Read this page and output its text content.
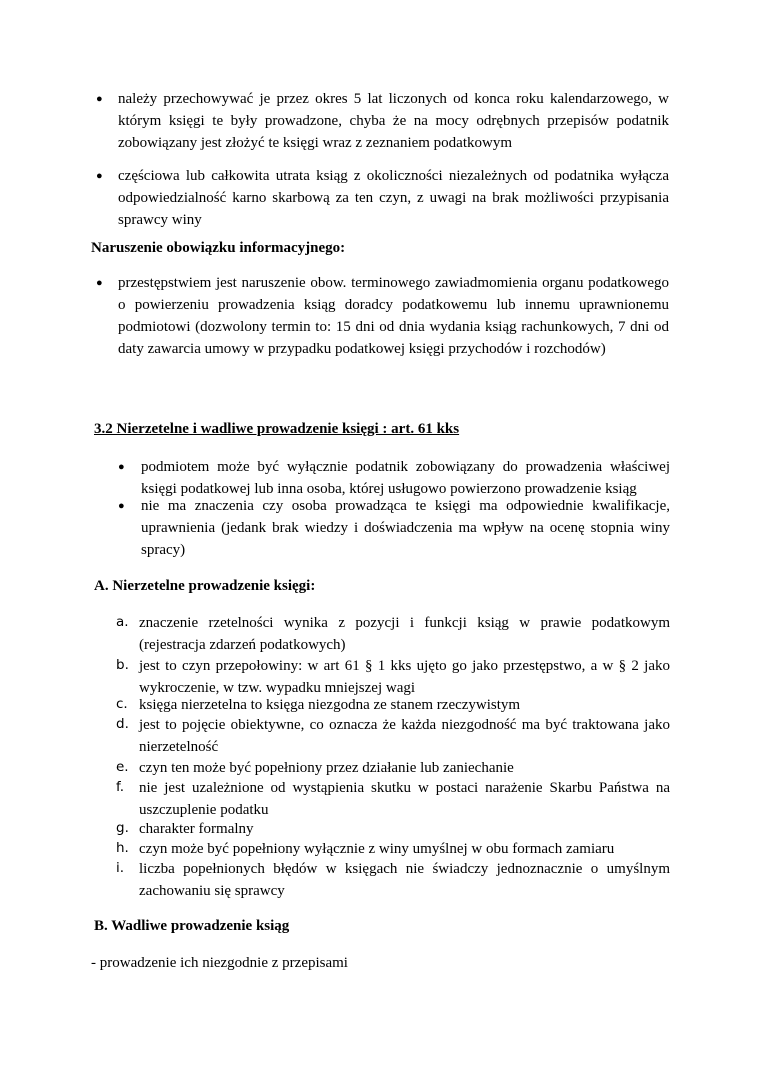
●
należy przechowywać je przez okres 5 lat liczonych od konca roku kalendarzowego, w którym księgi te były prowadzone, chyba że na mocy odrębnych przepisów podatnik zobowiązany jest złożyć te księgi wraz z zeznaniem podatkowym
●
częściowa lub całkowita utrata ksiąg z okoliczności niezależnych od podatnika wyłącza odpowiedzialność karno skarbową za ten czyn, z uwagi na brak możliwości przypisania sprawcy winy
Naruszenie obowiązku informacyjnego:
●
przestępstwiem jest naruszenie obow. terminowego zawiadmomienia organu podatkowego o powierzeniu prowadzenia ksiąg doradcy podatkowemu lub innemu uprawnionemu podmiotowi (dozwolony termin to: 15 dni od dnia wydania ksiąg rachunkowych, 7 dni od daty zawarcia umowy w przypadku podatkowej księgi przychodów i rozchodów)
3.2 Nierzetelne i wadliwe prowadzenie księgi : art. 61 kks
●
podmiotem może być wyłącznie podatnik zobowiązany do prowadzenia właściwej księgi podatkowej lub inna osoba, której usługowo powierzono prowadzenie ksiąg
●
nie ma znaczenia czy osoba prowadząca te księgi ma odpowiednie kwalifikacje, uprawnienia (jedank brak wiedzy i doświadczenia ma wpływ na ocenę stopnia winy spracy)
A. Nierzetelne prowadzenie księgi:
a. znaczenie rzetelności wynika z pozycji i funkcji ksiąg w prawie podatkowym (rejestracja zdarzeń podatkowych)
b. jest to czyn przepołowiny: w art 61 § 1 kks ujęto go jako przestępstwo, a w § 2 jako wykroczenie, w tzw. wypadku mniejszej wagi
c. księga nierzetelna to księga niezgodna ze stanem rzeczywistym
d. jest to pojęcie obiektywne, co oznacza że każda niezgodność ma być traktowana jako nierzetelność
e. czyn ten może być popełniony przez działanie lub zaniechanie
f. nie jest uzależnione od wystąpienia skutku w postaci narażenie Skarbu Państwa na uszczuplenie podatku
g. charakter formalny
h. czyn może być popełniony wyłącznie z winy umyślnej w obu formach zamiaru
i. liczba popełnionych błędów w księgach nie świadczy jednoznacznie o umyślnym zachowaniu się sprawcy
B. Wadliwe prowadzenie ksiąg
- prowadzenie ich niezgodnie z przepisami
